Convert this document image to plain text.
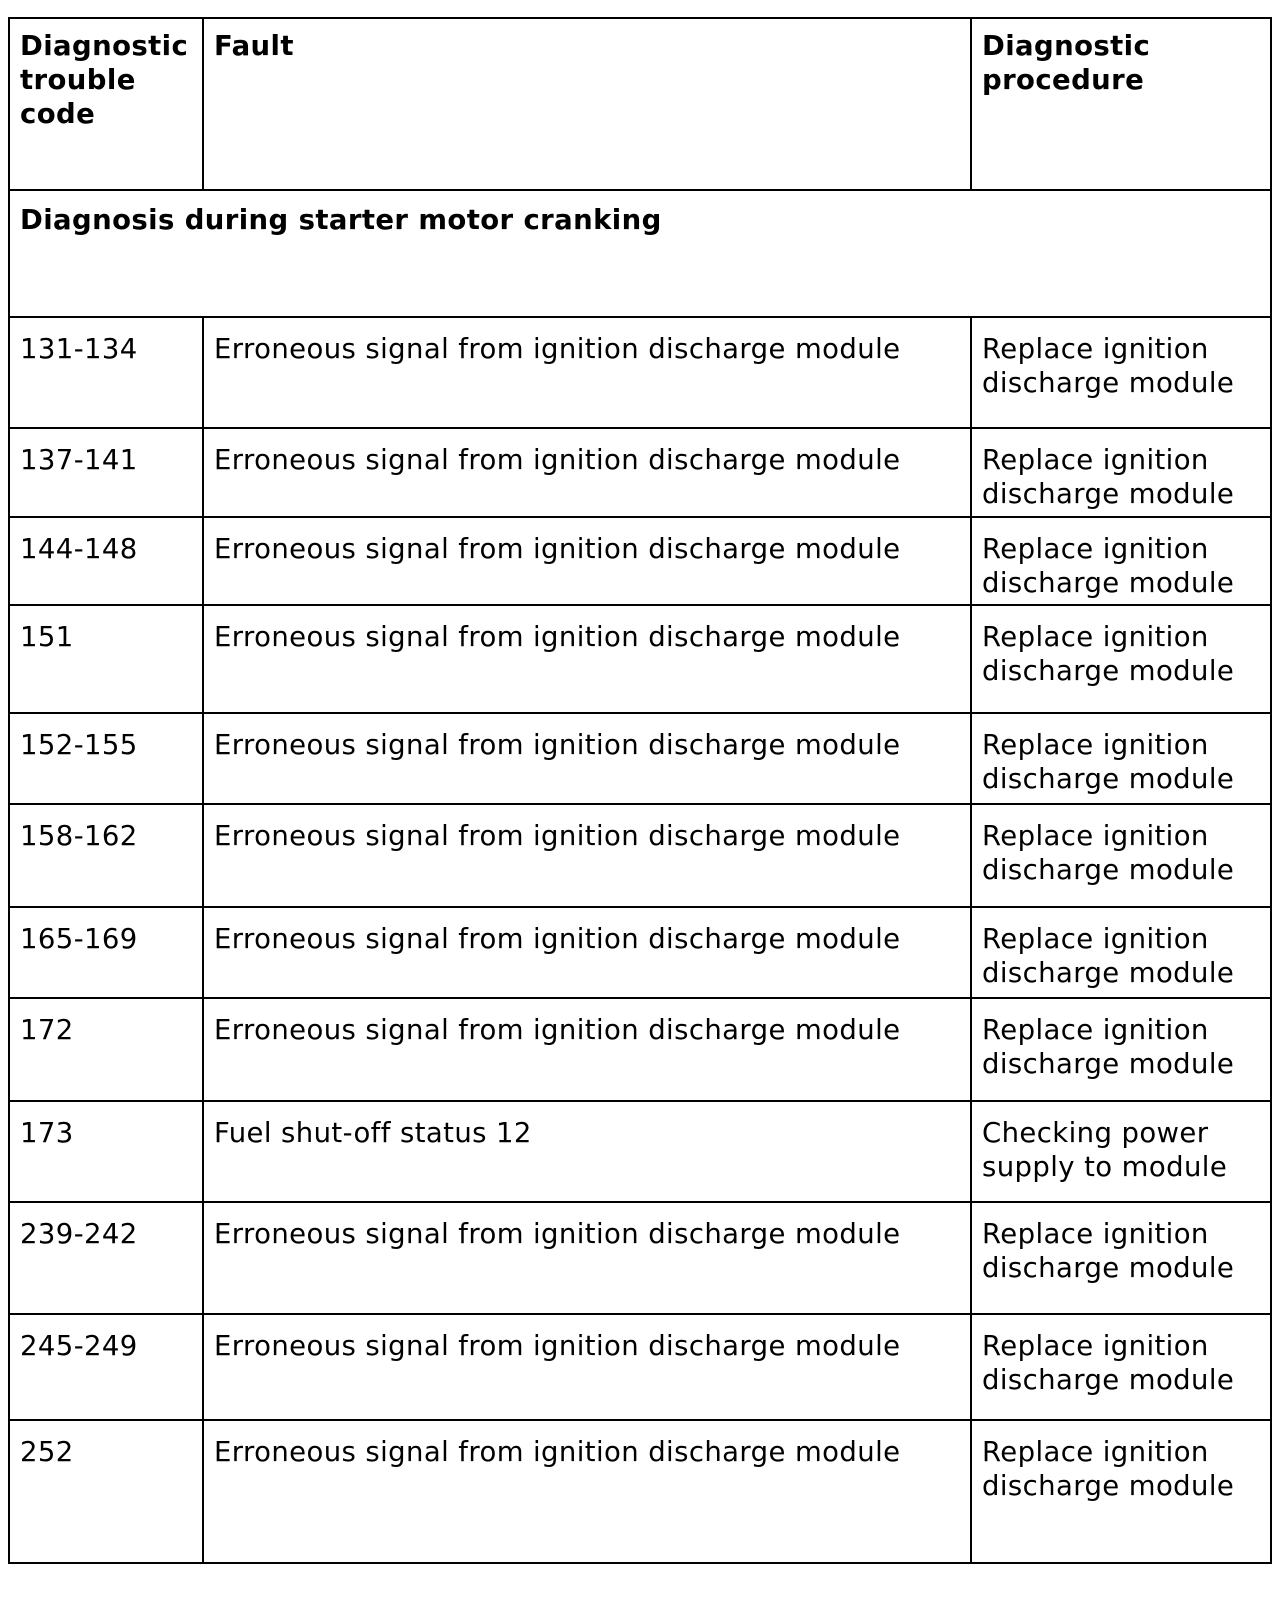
Diagnostic trouble code	Fault	Diagnostic procedure
Diagnosis during starter motor cranking		
131-134	Erroneous signal from ignition discharge module	Replace ignition discharge module
137-141	Erroneous signal from ignition discharge module	Replace ignition discharge module
144-148	Erroneous signal from ignition discharge module	Replace ignition discharge module
151	Erroneous signal from ignition discharge module	Replace ignition discharge module
152-155	Erroneous signal from ignition discharge module	Replace ignition discharge module
158-162	Erroneous signal from ignition discharge module	Replace ignition discharge module
165-169	Erroneous signal from ignition discharge module	Replace ignition discharge module
172	Erroneous signal from ignition discharge module	Replace ignition discharge module
173	Fuel shut-off status 12	Checking power supply to module
239-242	Erroneous signal from ignition discharge module	Replace ignition discharge module
245-249	Erroneous signal from ignition discharge module	Replace ignition discharge module
252	Erroneous signal from ignition discharge module	Replace ignition discharge module
